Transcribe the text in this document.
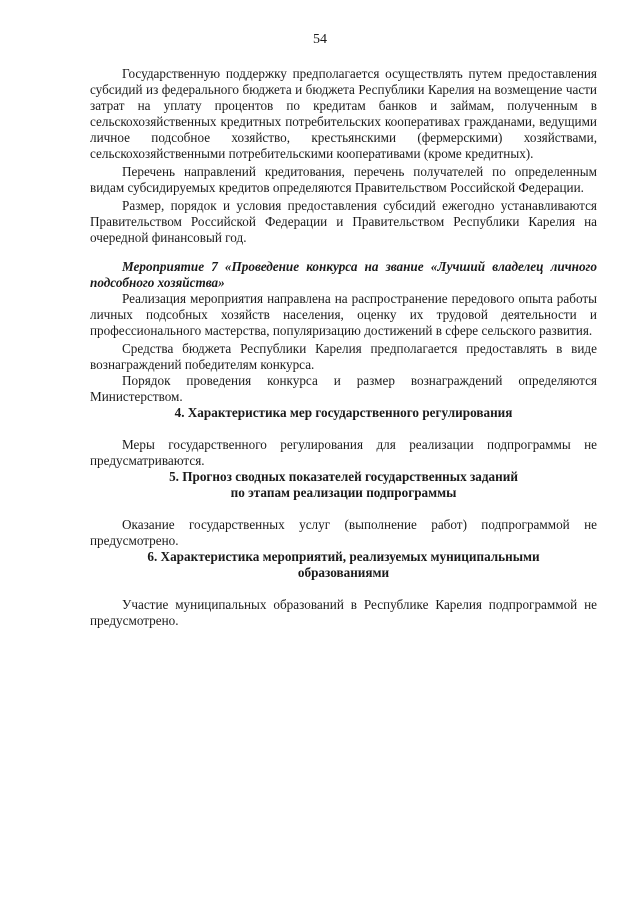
54

Государственную поддержку предполагается осуществлять путем предоставления субсидий из федерального бюджета и бюджета Республики Карелия на возмещение части затрат на уплату процентов по кредитам банков и займам, полученным в сельскохозяйственных кредитных потребительских кооперативах гражданами, ведущими личное подсобное хозяйство, крестьянскими (фермерскими) хозяйствами, сельскохозяйственными потребительскими кооперативами (кроме кредитных).

Перечень направлений кредитования, перечень получателей по определенным видам субсидируемых кредитов определяются Правительством Российской Федерации.

Размер, порядок и условия предоставления субсидий ежегодно устанавливаются Правительством Российской Федерации и Правительством Республики Карелия на очередной финансовый год.

Мероприятие 7 «Проведение конкурса на звание «Лучший владелец личного подсобного хозяйства»

Реализация мероприятия направлена на распространение передового опыта работы личных подсобных хозяйств населения, оценку их трудовой деятельности и профессионального мастерства, популяризацию достижений в сфере сельского развития.

Средства бюджета Республики Карелия предполагается предоставлять в виде вознаграждений победителям конкурса.

Порядок проведения конкурса и размер вознаграждений определяются Министерством.

4. Характеристика мер государственного регулирования

Меры государственного регулирования для реализации подпрограммы не предусматриваются.

5. Прогноз сводных показателей государственных заданий
по этапам реализации подпрограммы

Оказание государственных услуг (выполнение работ) подпрограммой не предусмотрено.

6. Характеристика мероприятий, реализуемых муниципальными
образованиями

Участие муниципальных образований в Республике Карелия подпрограммой не предусмотрено.
